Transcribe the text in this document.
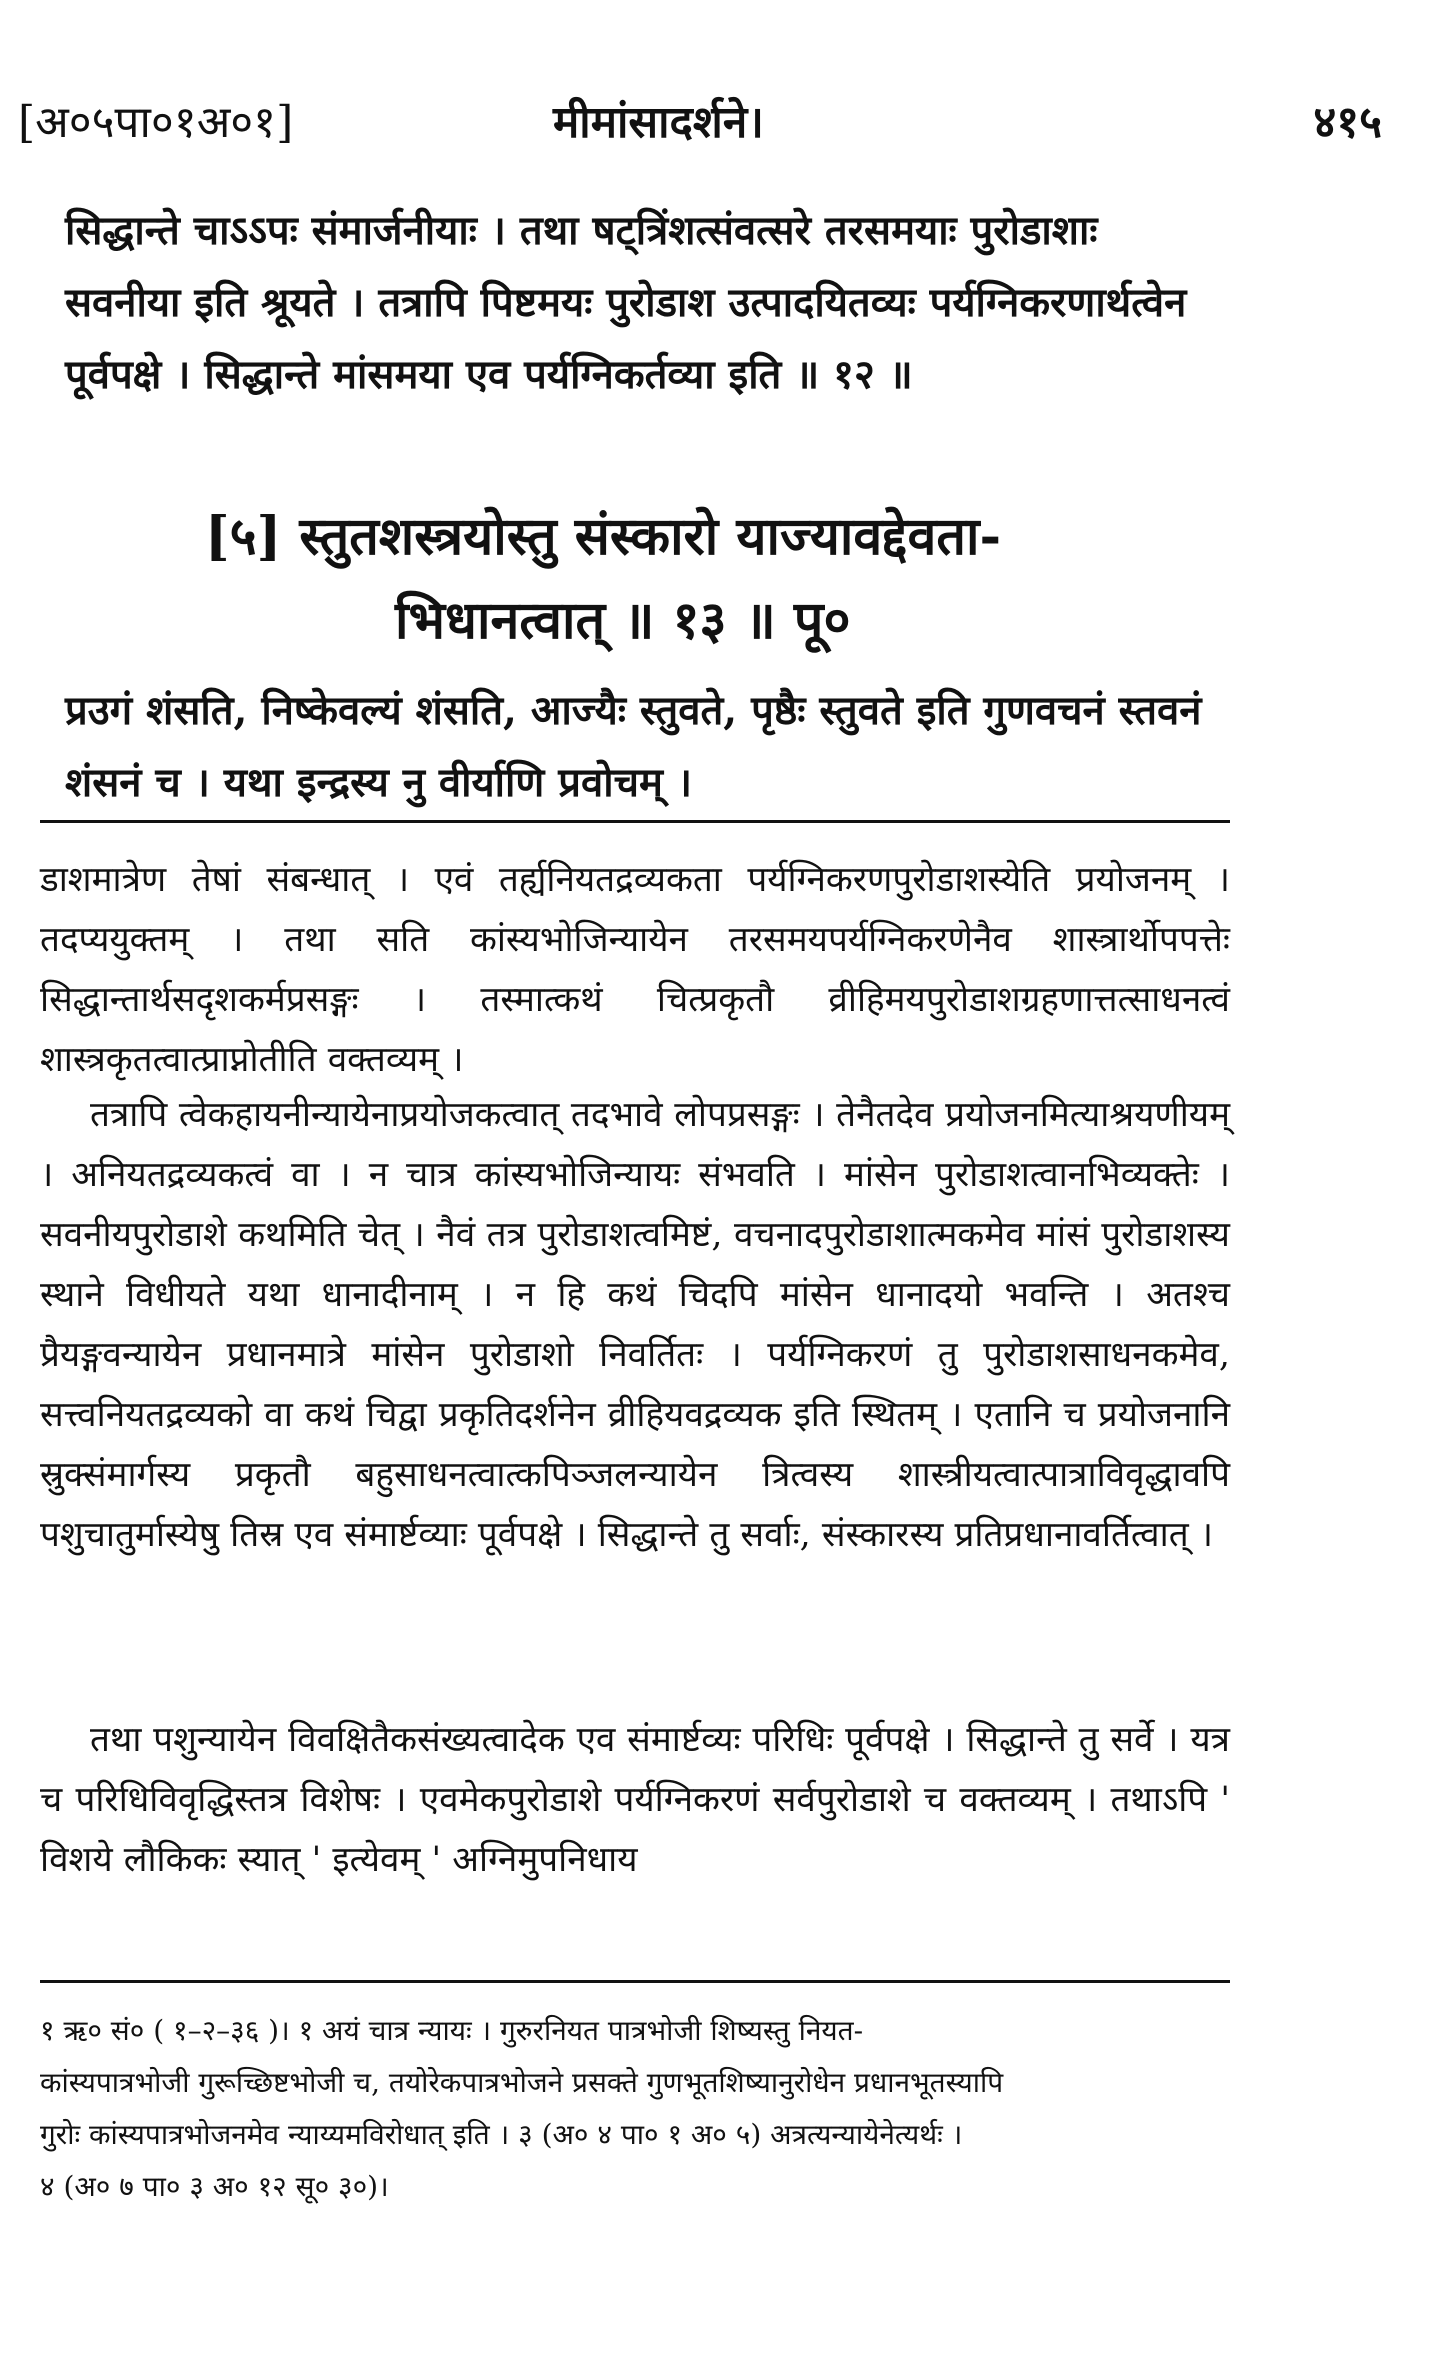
[अ०५पा०१अ०१]	मीमांसादर्शने।	४१५
सिद्धान्ते चाऽऽपः संमार्जनीयाः । तथा षट्त्रिंशत्संवत्सरे तरसमयाः पुरोडाशाः सवनीया इति श्रूयते । तत्रापि पिष्टमयः पुरोडाश उत्पादयितव्यः पर्यग्निकरणार्थत्वेन पूर्वपक्षे । सिद्धान्ते मांसमया एव पर्यग्निकर्तव्या इति ॥ १२ ॥
[५] स्तुतशस्त्रयोस्तु संस्कारो याज्यावद्देवता-
भिधानत्वात् ॥ १३ ॥ पू०
प्रउगं शंसति, निष्केवल्यं शंसति, आज्यैः स्तुवते, पृष्ठैः स्तुवते इति गुणवचनं स्तवनं शंसनं च । यथा इन्द्रस्य नु वीर्याणि प्रवोचम् ।
डाशमात्रेण तेषां संबन्धात् । एवं तर्ह्यनियतद्रव्यकता पर्यग्निकरणपुरोडाशस्येति प्रयोजनम् । तदप्ययुक्तम् । तथा सति कांस्यभोजिन्यायेन तरसमयपर्यग्निकरणेनैव शास्त्रार्थोपपत्तेः सिद्धान्तार्थसदृशकर्मप्रसङ्गः । तस्मात्कथं चित्प्रकृतौ व्रीहिमयपुरोडाशग्रहणात्तत्साधनत्वं शास्त्रकृतत्वात्प्राप्नोतीति वक्तव्यम् ।
तत्रापि त्वेकहायनीन्यायेनाप्रयोजकत्वात् तदभावे लोपप्रसङ्गः । तेनैतदेव प्रयोजनमित्याश्रयणीयम् । अनियतद्रव्यकत्वं वा । न चात्र कांस्यभोजिन्यायः संभवति । मांसेन पुरोडाशत्वानभिव्यक्तेः । सवनीयपुरोडाशे कथमिति चेत् । नैवं तत्र पुरोडाशत्वमिष्टं, वचनादपुरोडाशात्मकमेव मांसं पुरोडाशस्य स्थाने विधीयते यथा धानादीनाम् । न हि कथं चिदपि मांसेन धानादयो भवन्ति । अतश्च प्रैयङ्गवन्यायेन प्रधानमात्रे मांसेन पुरोडाशो निवर्तितः । पर्यग्निकरणं तु पुरोडाशसाधनकमेव, सत्त्वनियतद्रव्यको वा कथं चिद्वा प्रकृतिदर्शनेन व्रीहियवद्रव्यक इति स्थितम् । एतानि च प्रयोजनानि स्रुक्संमार्गस्य प्रकृतौ बहुसाधनत्वात्कपिञ्जलन्यायेन त्रित्वस्य शास्त्रीयत्वात्पात्राविवृद्धावपि पशुचातुर्मास्येषु तिस्र एव संमार्ष्टव्याः पूर्वपक्षे । सिद्धान्ते तु सर्वाः, संस्कारस्य प्रतिप्रधानावर्तित्वात् ।
तथा पशुन्यायेन विवक्षितैकसंख्यत्वादेक एव संमार्ष्टव्यः परिधिः पूर्वपक्षे । सिद्धान्ते तु सर्वे । यत्र च परिधिविवृद्धिस्तत्र विशेषः । एवमेकपुरोडाशे पर्यग्निकरणं सर्वपुरोडाशे च वक्तव्यम् । तथाऽपि ' विशये लौकिकः स्यात् ' इत्येवम् ' अग्निमुपनिधाय
१ ऋ० सं० ( १–२–३६ )। १ अयं चात्र न्यायः । गुरुरनियत पात्रभोजी शिष्यस्तु नियत-
कांस्यपात्रभोजी गुरूच्छिष्टभोजी च, तयोरेकपात्रभोजने प्रसक्ते गुणभूतशिष्यानुरोधेन प्रधानभूतस्यापि
गुरोः कांस्यपात्रभोजनमेव न्याय्यमविरोधात् इति । ३ (अ० ४ पा० १ अ० ५) अत्रत्यन्यायेनेत्यर्थः ।
४ (अ० ७ पा० ३ अ० १२ सू० ३०)।
